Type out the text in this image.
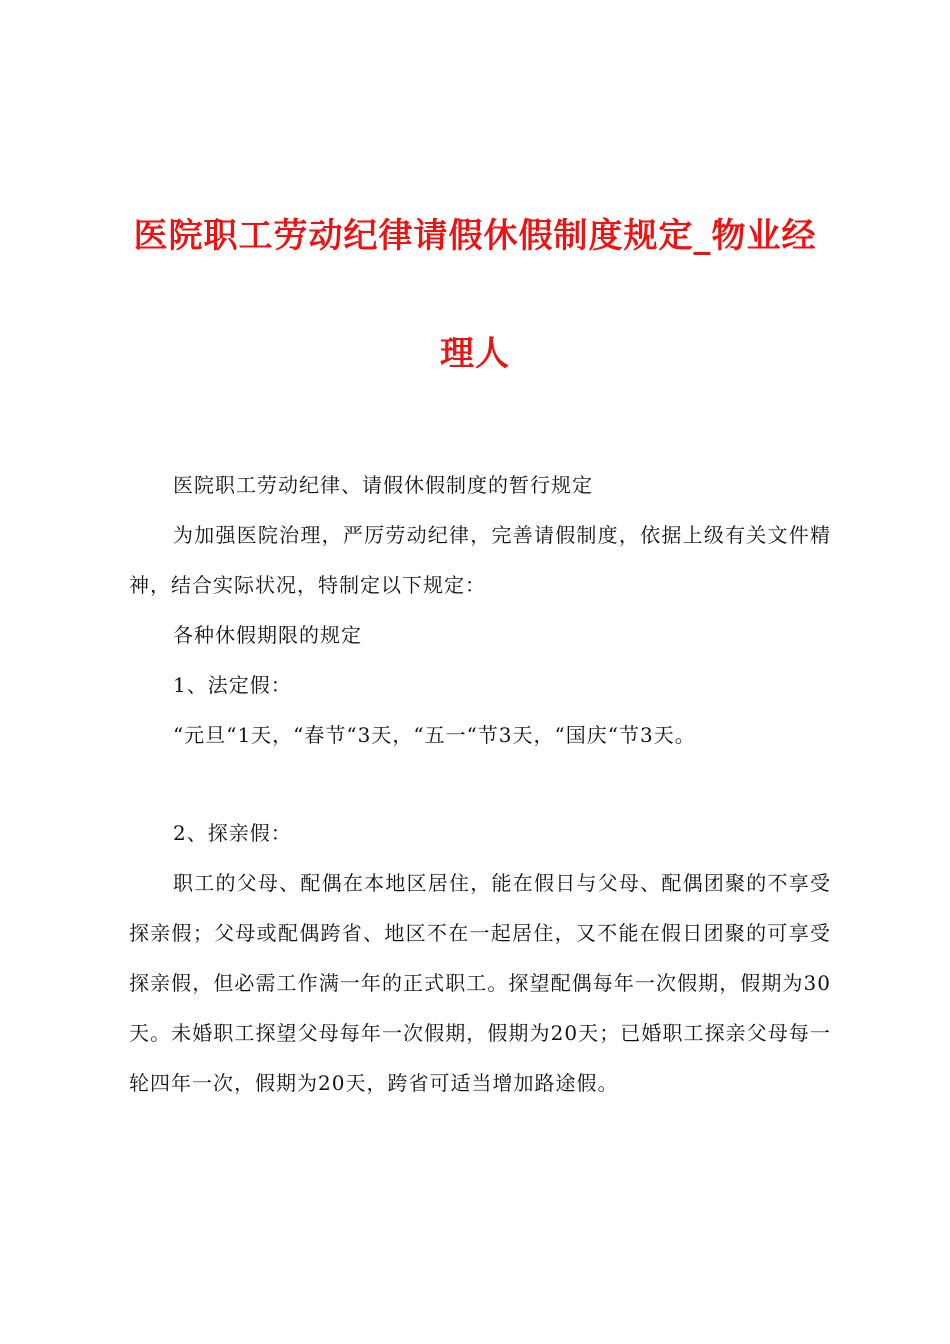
医院职工劳动纪律请假休假制度规定_物业经
理人

医院职工劳动纪律、请假休假制度的暂行规定

为加强医院治理，严厉劳动纪律，完善请假制度，依据上级有关文件精神，结合实际状况，特制定以下规定：

各种休假期限的规定

1、法定假：

“元旦“1天，“春节“3天，“五一“节3天，“国庆“节3天。

2、探亲假：

职工的父母、配偶在本地区居住，能在假日与父母、配偶团聚的不享受探亲假；父母或配偶跨省、地区不在一起居住，又不能在假日团聚的可享受探亲假，但必需工作满一年的正式职工。探望配偶每年一次假期，假期为30天。未婚职工探望父母每年一次假期，假期为20天；已婚职工探亲父母每一轮四年一次，假期为20天，跨省可适当增加路途假。
